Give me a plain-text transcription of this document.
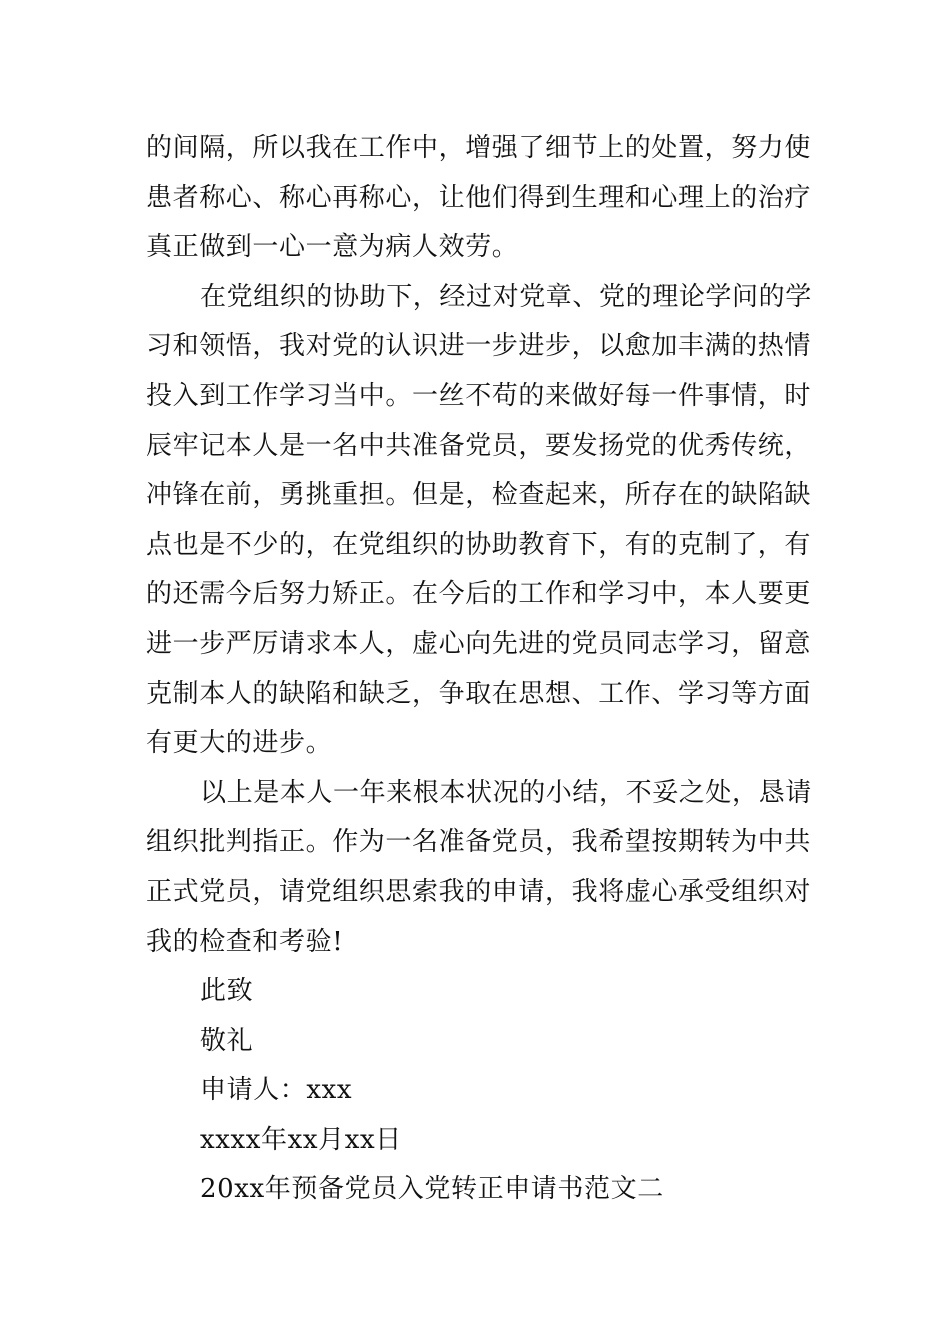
的间隔，所以我在工作中，增强了细节上的处置，努力使
患者称心、称心再称心，让他们得到生理和心理上的治疗
真正做到一心一意为病人效劳。
在党组织的协助下，经过对党章、党的理论学问的学
习和领悟，我对党的认识进一步进步，以愈加丰满的热情
投入到工作学习当中。一丝不苟的来做好每一件事情，时
辰牢记本人是一名中共准备党员，要发扬党的优秀传统，
冲锋在前，勇挑重担。但是，检查起来，所存在的缺陷缺
点也是不少的，在党组织的协助教育下，有的克制了，有
的还需今后努力矫正。在今后的工作和学习中，本人要更
进一步严厉请求本人，虚心向先进的党员同志学习，留意
克制本人的缺陷和缺乏，争取在思想、工作、学习等方面
有更大的进步。
以上是本人一年来根本状况的小结，不妥之处，恳请
组织批判指正。作为一名准备党员，我希望按期转为中共
正式党员，请党组织思索我的申请，我将虚心承受组织对
我的检查和考验!
此致
敬礼
申请人：xxx
xxxx年xx月xx日
20xx年预备党员入党转正申请书范文二
